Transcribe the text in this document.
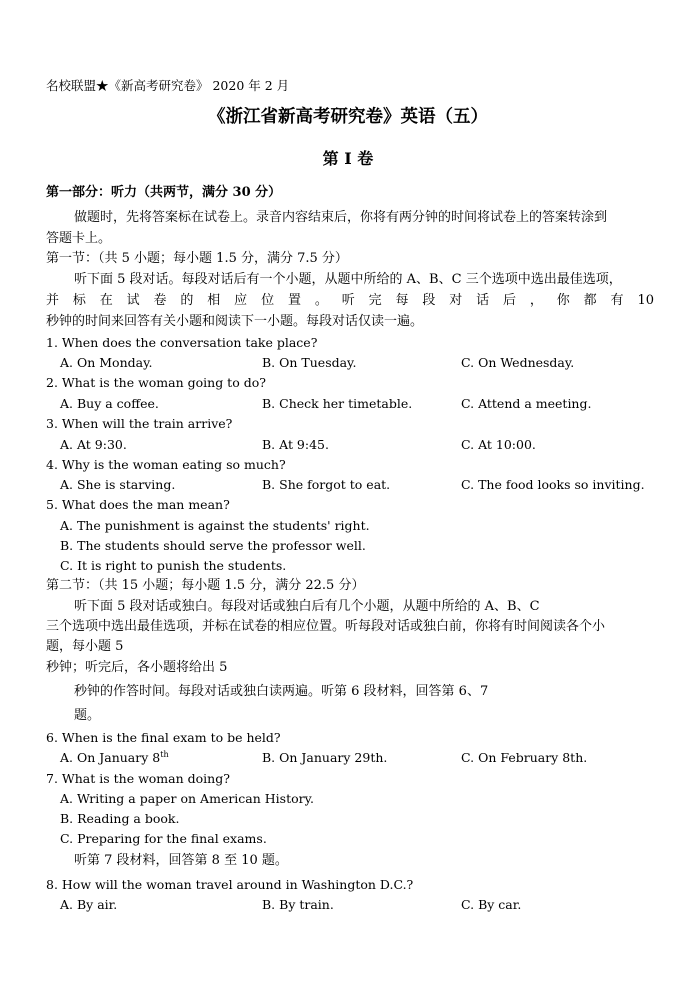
名校联盟★《新高考研究卷》 2020 年 2 月
《浙江省新高考研究卷》英语（五）
第 I 卷
第一部分：听力（共两节，满分 30 分）
做题时，先将答案标在试卷上。录音内容结束后，你将有两分钟的时间将试卷上的答案转涂到
答题卡上。
第一节：（共 5 小题；每小题 1.5 分，满分 7.5 分）
听下面 5 段对话。每段对话后有一个小题，从题中所给的 A、B、C 三个选项中选出最佳选项，
并 标 在 试 卷 的 相 应 位 置 。 听 完 每 段 对 话 后 ， 你 都 有 10
秒钟的时间来回答有关小题和阅读下一小题。每段对话仅读一遍。
1. When does the conversation take place?
A. On Monday.	B. On Tuesday.	C. On Wednesday.
2. What is the woman going to do?
A. Buy a coffee.	B. Check her timetable.	C. Attend a meeting.
3. When will the train arrive?
A. At 9:30.	B. At 9:45.	C. At 10:00.
4. Why is the woman eating so much?
A. She is starving.	B. She forgot to eat.	C. The food looks so inviting.
5. What does the man mean?
A. The punishment is against the students' right.
B. The students should serve the professor well.
C. It is right to punish the students.
第二节：（共 15 小题；每小题 1.5 分，满分 22.5 分）
听下面 5 段对话或独白。每段对话或独白后有几个小题，从题中所给的 A、B、C
三个选项中选出最佳选项，并标在试卷的相应位置。听每段对话或独白前，你将有时间阅读各个小
题，每小题 5
秒钟；听完后，各小题将给出 5
秒钟的作答时间。每段对话或独白读两遍。听第 6 段材料，回答第 6、7
题。
6. When is the final exam to be held?
A. On January 8th	B. On January 29th.	C. On February 8th.
7. What is the woman doing?
A. Writing a paper on American History.
B. Reading a book.
C. Preparing for the final exams.
听第 7 段材料，回答第 8 至 10 题。
8. How will the woman travel around in Washington D.C.?
A. By air.	B. By train.	C. By car.
